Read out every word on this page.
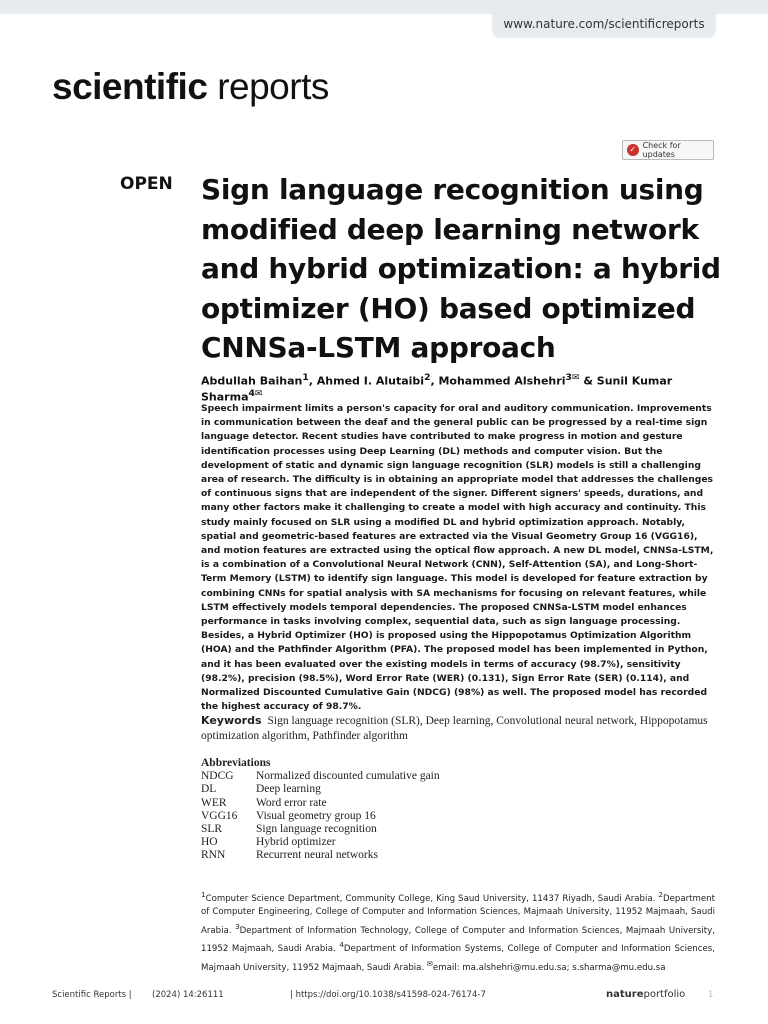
www.nature.com/scientificreports
scientific reports
✓ Check for updates
OPEN Sign language recognition using modified deep learning network and hybrid optimization: a hybrid optimizer (HO) based optimized CNNSa-LSTM approach
Abdullah Baihan$^1$, Ahmed I. Alutaibi$^2$, Mohammed Alshehri$^{3✉}$ & Sunil Kumar Sharma$^{4✉}$

Speech impairment limits a person's capacity for oral and auditory communication. Improvements in communication between the deaf and the general public can be progressed by a real-time sign language detector. Recent studies have contributed to make progress in motion and gesture identification processes using Deep Learning (DL) methods and computer vision. But the development of static and dynamic sign language recognition (SLR) models is still a challenging area of research. The difficulty is in obtaining an appropriate model that addresses the challenges of continuous signs that are independent of the signer. Different signers' speeds, durations, and many other factors make it challenging to create a model with high accuracy and continuity. This study mainly focused on SLR using a modified DL and hybrid optimization approach. Notably, spatial and geometric-based features are extracted via the Visual Geometry Group 16 (VGG16), and motion features are extracted using the optical flow approach. A new DL model, CNNSa-LSTM, is a combination of a Convolutional Neural Network (CNN), Self-Attention (SA), and Long-Short-Term Memory (LSTM) to identify sign language. This model is developed for feature extraction by combining CNNs for spatial analysis with SA mechanisms for focusing on relevant features, while LSTM effectively models temporal dependencies. The proposed CNNSa-LSTM model enhances performance in tasks involving complex, sequential data, such as sign language processing. Besides, a Hybrid Optimizer (HO) is proposed using the Hippopotamus Optimization Algorithm (HOA) and the Pathfinder Algorithm (PFA). The proposed model has been implemented in Python, and it has been evaluated over the existing models in terms of accuracy (98.7%), sensitivity (98.2%), precision (98.5%), Word Error Rate (WER) (0.131), Sign Error Rate (SER) (0.114), and Normalized Discounted Cumulative Gain (NDCG) (98%) as well. The proposed model has recorded the highest accuracy of 98.7%.

Keywords Sign language recognition (SLR), Deep learning, Convolutional neural network, Hippopotamus optimization algorithm, Pathfinder algorithm
Abbreviations
NDCG	Normalized discounted cumulative gain
DL	Deep learning
WER	Word error rate
VGG16	Visual geometry group 16
SLR	Sign language recognition
HO	Hybrid optimizer
RNN	Recurrent neural networks

$^1$Computer Science Department, Community College, King Saud University, 11437 Riyadh, Saudi Arabia. $^2$Department of Computer Engineering, College of Computer and Information Sciences, Majmaah University, 11952 Majmaah, Saudi Arabia. $^3$Department of Information Technology, College of Computer and Information Sciences, Majmaah University, 11952 Majmaah, Saudi Arabia. $^4$Department of Information Systems, College of Computer and Information Sciences, Majmaah University, 11952 Majmaah, Saudi Arabia. ✉email: ma.alshehri@mu.edu.sa; s.sharma@mu.edu.sa

Scientific Reports | (2024) 14:26111	| https://doi.org/10.1038/s41598-024-76174-7	natureportfolio	1
